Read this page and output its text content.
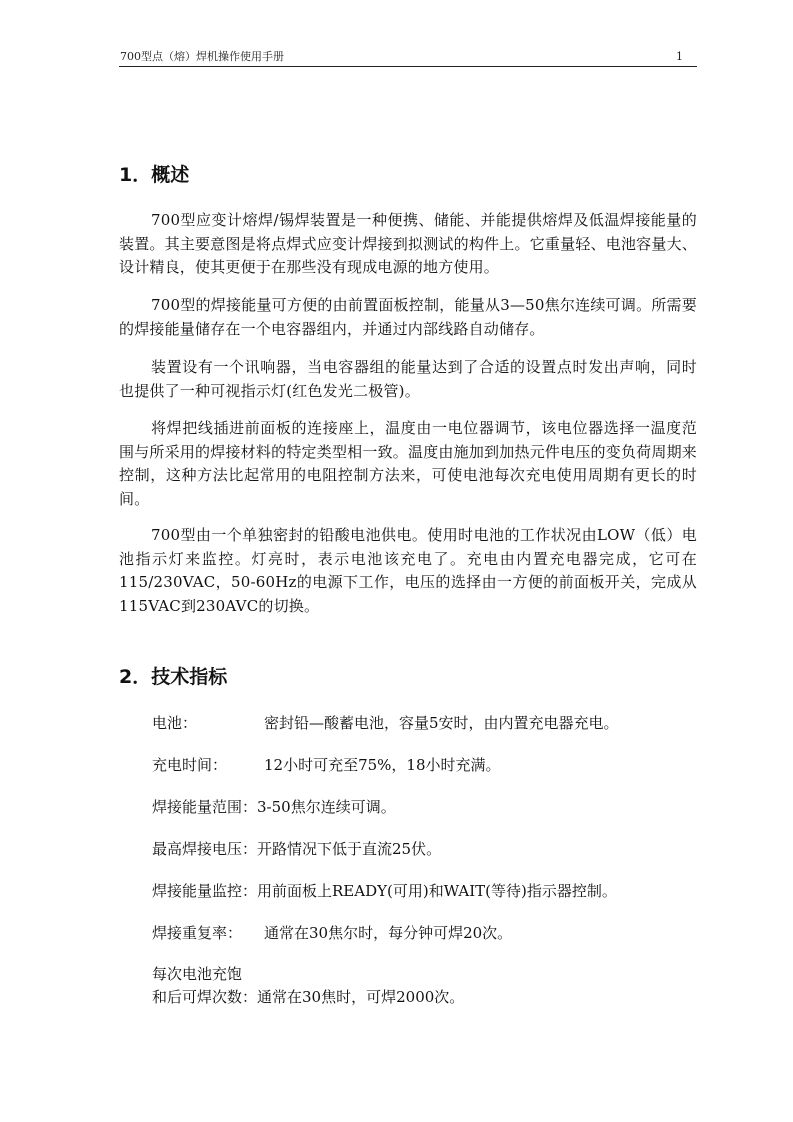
700型点（熔）焊机操作使用手册	1
1．概述

700型应变计熔焊/锡焊装置是一种便携、储能、并能提供熔焊及低温焊接能量的装置。其主要意图是将点焊式应变计焊接到拟测试的构件上。它重量轻、电池容量大、设计精良，使其更便于在那些没有现成电源的地方使用。

700型的焊接能量可方便的由前置面板控制，能量从3—50焦尔连续可调。所需要的焊接能量储存在一个电容器组内，并通过内部线路自动储存。

装置设有一个讯响器，当电容器组的能量达到了合适的设置点时发出声响，同时也提供了一种可视指示灯(红色发光二极管)。

将焊把线插进前面板的连接座上，温度由一电位器调节，该电位器选择一温度范围与所采用的焊接材料的特定类型相一致。温度由施加到加热元件电压的变负荷周期来控制，这种方法比起常用的电阻控制方法来，可使电池每次充电使用周期有更长的时间。

700型由一个单独密封的铅酸电池供电。使用时电池的工作状况由LOW（低）电池指示灯来监控。灯亮时，表示电池该充电了。充电由内置充电器完成，它可在115/230VAC，50-60Hz的电源下工作，电压的选择由一方便的前面板开关，完成从115VAC到230AVC的切换。

2．技术指标
电池：	密封铅—酸蓄电池，容量5安时，由内置充电器充电。
充电时间： 12小时可充至75%，18小时充满。
焊接能量范围：3-50焦尔连续可调。
最高焊接电压：开路情况下低于直流25伏。
焊接能量监控：用前面板上READY(可用)和WAIT(等待)指示器控制。
焊接重复率： 通常在30焦尔时，每分钟可焊20次。
每次电池充饱
和后可焊次数：通常在30焦时，可焊2000次。
